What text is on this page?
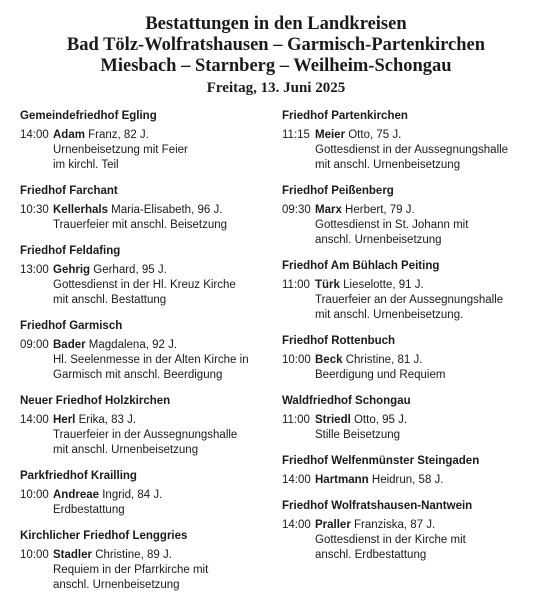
Bestattungen in den Landkreisen
Bad Tölz-Wolfratshausen – Garmisch-Partenkirchen
Miesbach – Starnberg – Weilheim-Schongau
Freitag, 13. Juni 2025
Gemeindefriedhof Egling
14:00 Adam Franz, 82 J.
Urnenbeisetzung mit Feier
im kirchl. Teil
Friedhof Farchant
10:30 Kellerhals Maria-Elisabeth, 96 J.
Trauerfeier mit anschl. Beisetzung
Friedhof Feldafing
13:00 Gehrig Gerhard, 95 J.
Gottesdienst in der Hl. Kreuz Kirche
mit anschl. Bestattung
Friedhof Garmisch
09:00 Bader Magdalena, 92 J.
Hl. Seelenmesse in der Alten Kirche in
Garmisch mit anschl. Beerdigung
Neuer Friedhof Holzkirchen
14:00 Herl Erika, 83 J.
Trauerfeier in der Aussegnungshalle
mit anschl. Urnenbeisetzung
Parkfriedhof Krailling
10:00 Andreae Ingrid, 84 J.
Erdbestattung
Kirchlicher Friedhof Lenggries
10:00 Stadler Christine, 89 J.
Requiem in der Pfarrkirche mit
anschl. Urnenbeisetzung
Friedhof Partenkirchen
11:15 Meier Otto, 75 J.
Gottesdienst in der Aussegnungshalle
mit anschl. Urnenbeisetzung
Friedhof Peißenberg
09:30 Marx Herbert, 79 J.
Gottesdienst in St. Johann mit
anschl. Urnenbeisetzung
Friedhof Am Bühlach Peiting
11:00 Türk Lieselotte, 91 J.
Trauerfeier an der Aussegnungshalle
mit anschl. Urnenbeisetzung.
Friedhof Rottenbuch
10:00 Beck Christine, 81 J.
Beerdigung und Requiem
Waldfriedhof Schongau
11:00 Striedl Otto, 95 J.
Stille Beisetzung
Friedhof Welfenmünster Steingaden
14:00 Hartmann Heidrun, 58 J.
Friedhof Wolfratshausen-Nantwein
14:00 Praller Franziska, 87 J.
Gottesdienst in der Kirche mit
anschl. Erdbestattung
